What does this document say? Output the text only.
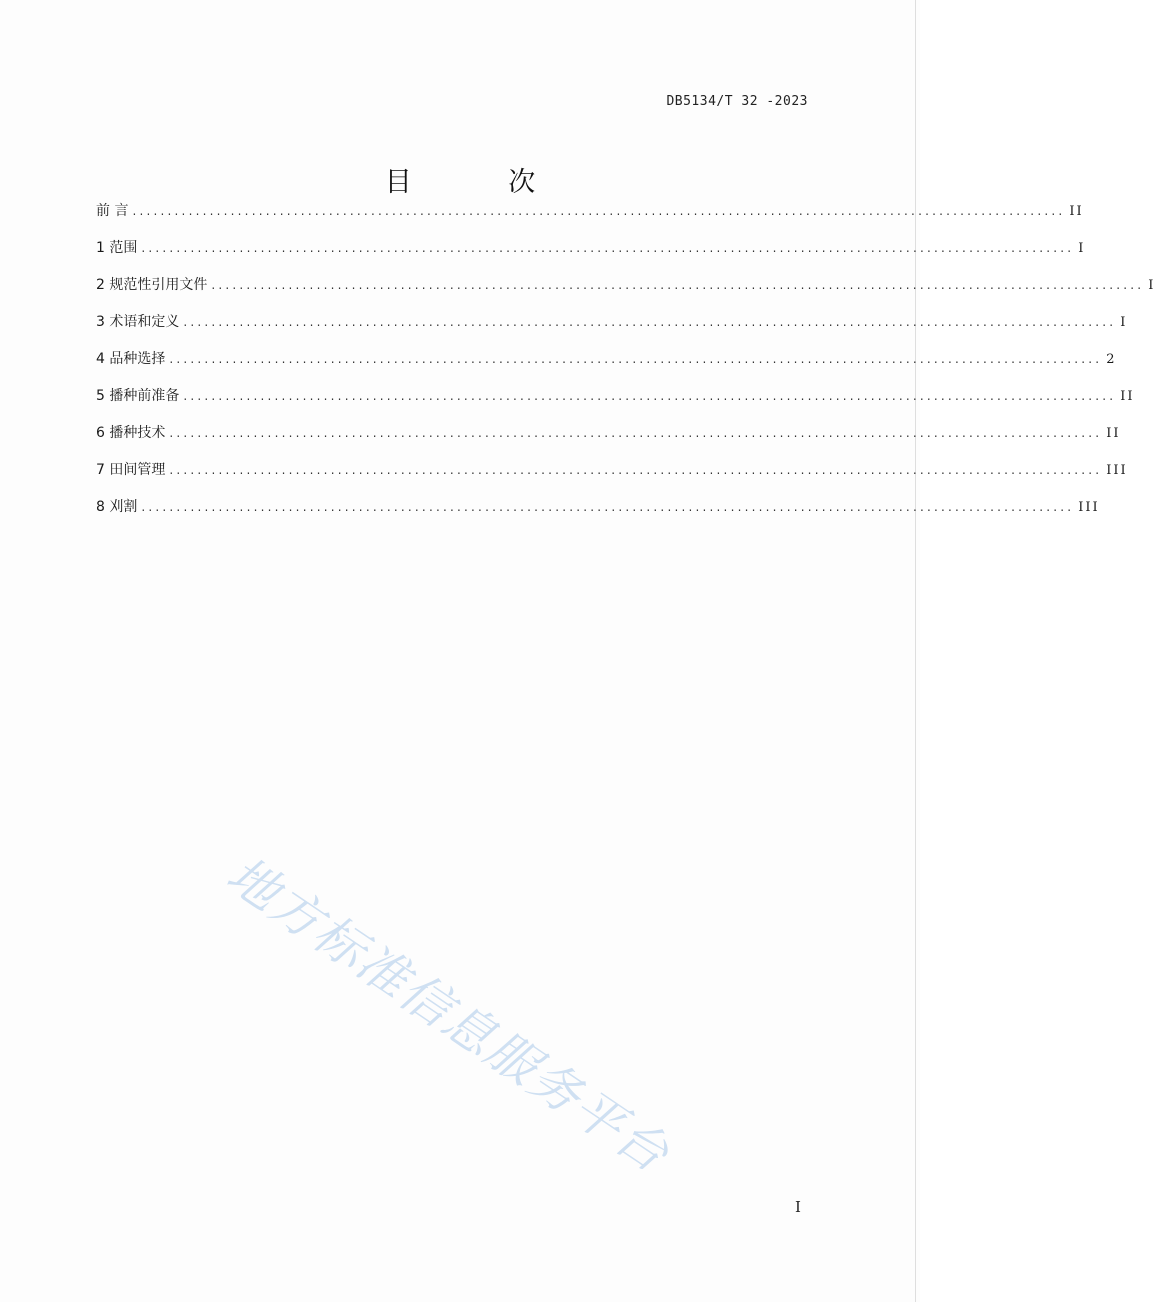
DB5134/T 32 -2023
目 次
前 言 ..................................................................................................................................... II
1 范围 ..................................................................................................................................... I
2 规范性引用文件 ..................................................................................................................................... I
3 术语和定义 ..................................................................................................................................... I
4 品种选择 ..................................................................................................................................... 2
5 播种前准备 ..................................................................................................................................... II
6 播种技术 ..................................................................................................................................... II
7 田间管理 ..................................................................................................................................... III
8 刈割 ..................................................................................................................................... III
地方标准信息服务平台
I
